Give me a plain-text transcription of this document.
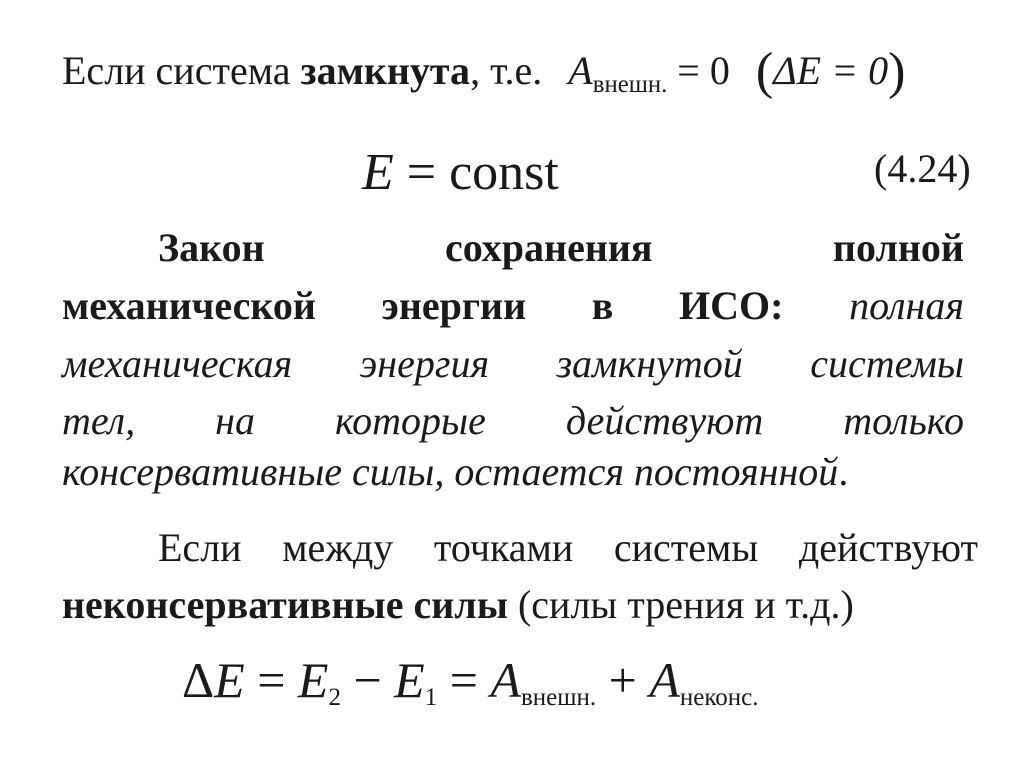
Если система замкнута, т.е. $A_{внешн.} = 0$ (ΔE = 0)
E = const	(4.24)
Закон	сохранения	полной
механической энергии в ИСО: полная
механическая энергия замкнутой системы
тел, на которые действуют только
консервативные силы, остается постоянной.
Если между точками системы действуют
неконсервативные силы (силы трения и т.д.)
$\Delta E = E_2 - E_1 = A_{внешн.} + A_{неконс.}$
